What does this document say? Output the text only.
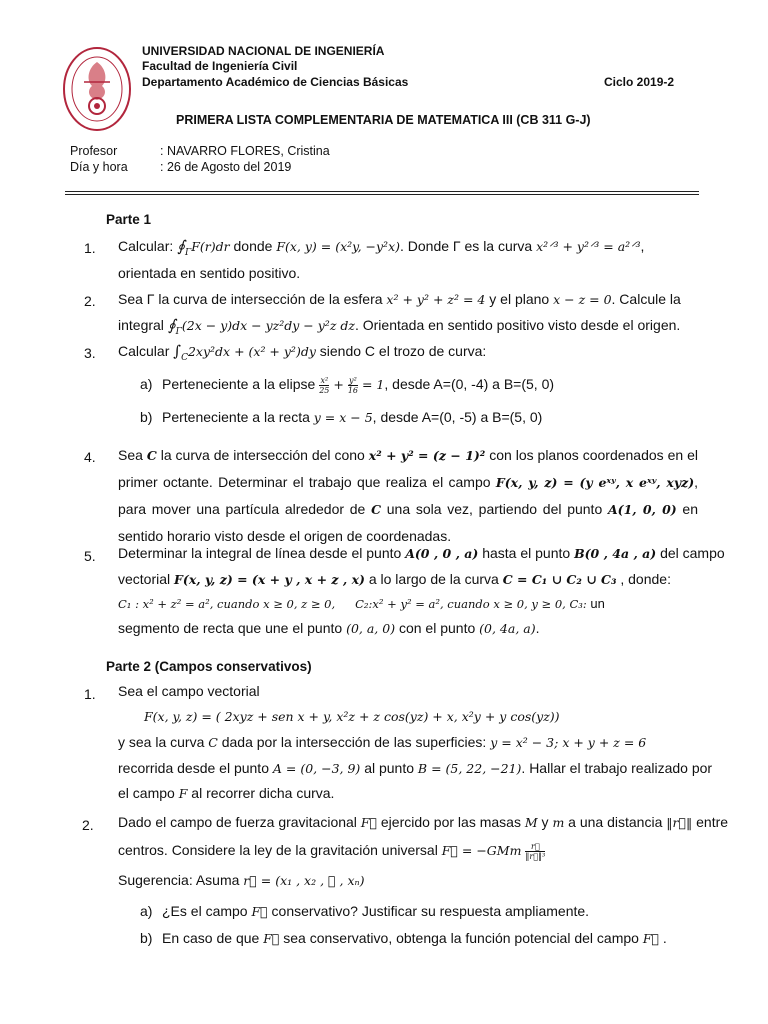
UNIVERSIDAD NACIONAL DE INGENIERÍA
Facultad de Ingeniería Civil
Departamento Académico de Ciencias Básicas	Ciclo 2019-2
PRIMERA LISTA COMPLEMENTARIA DE MATEMATICA III (CB 311 G-J)
Profesor	: NAVARRO FLORES, Cristina
Día y hora	: 26 de Agosto del 2019
Parte 1
1. Calcular: $∮_\Gamma F(r)dr$ donde F(x, y) = (x²y, −y²x). Donde Γ es la curva x²ᐟ³ + y²ᐟ³ = a²ᐟ³,
orientada en sentido positivo.
2. Sea Γ la curva de intersección de la esfera x² + y² + z² = 4 y el plano x − z = 0. Calcule la
integral $∮_\Gamma(2x - y)dx - yz^2dy - y^2z$ dz. Orientada en sentido positivo visto desde el origen.
3. Calcular $\int_C2xy^2dx + (x^2 + y^2)dy$ siendo C el trozo de curva:
a) Perteneciente a la elipse $\frac{\text{x²}}{25} + \frac{\text{y²}}{16} = 1$, desde A=(0, -4) a B=(5, 0)
b) Perteneciente a la recta y = x − 5, desde A=(0, -5) a B=(5, 0)
4. Sea C la curva de intersección del cono x² + y² = (z − 1)² con los planos coordenados en el primer octante. Determinar el trabajo que realiza el campo F(x, y, z) = (y eˣʸ, x eˣʸ, xyz), para mover una partícula alrededor de C una sola vez, partiendo del punto A(1, 0, 0) en sentido horario visto desde el origen de coordenadas.
5. Determinar la integral de línea desde el punto A(0 , 0 , a) hasta el punto B(0 , 4a , a) del campo
vectorial F(x, y, z) = (x + y , x + z , x) a lo largo de la curva C = C₁ ∪ C₂ ∪ C₃ , donde:
C₁ : x² + z² = a², cuando x ≥ 0, z ≥ 0, C₂:x² + y² = a², cuando x ≥ 0, y ≥ 0, C₃: un
segmento de recta que une el punto (0, a, 0) con el punto (0, 4a, a).
Parte 2 (Campos conservativos)
1. Sea el campo vectorial
F(x, y, z) = ( 2xyz + sen x + y, x²z + z cos(yz) + x, x²y + y cos(yz))
y sea la curva C dada por la intersección de las superficies: y = x² − 3; x + y + z = 6
recorrida desde el punto A = (0, −3, 9) al punto B = (5, 22, −21). Hallar el trabajo realizado por
el campo F al recorrer dicha curva.
2. Dado el campo de fuerza gravitacional F⃗ ejercido por las masas M y m a una distancia ‖r⃗‖ entre
centros. Considere la ley de la gravitación universal F⃗ = $-GMm \frac{r⃗}{\text{‖r⃗‖³}}$
Sugerencia: Asuma r⃗ = (x₁ , x₂ , ⋯ , xₙ)
a) ¿Es el campo F⃗ conservativo? Justificar su respuesta ampliamente.
b) En caso de que F⃗ sea conservativo, obtenga la función potencial del campo F⃗ .
